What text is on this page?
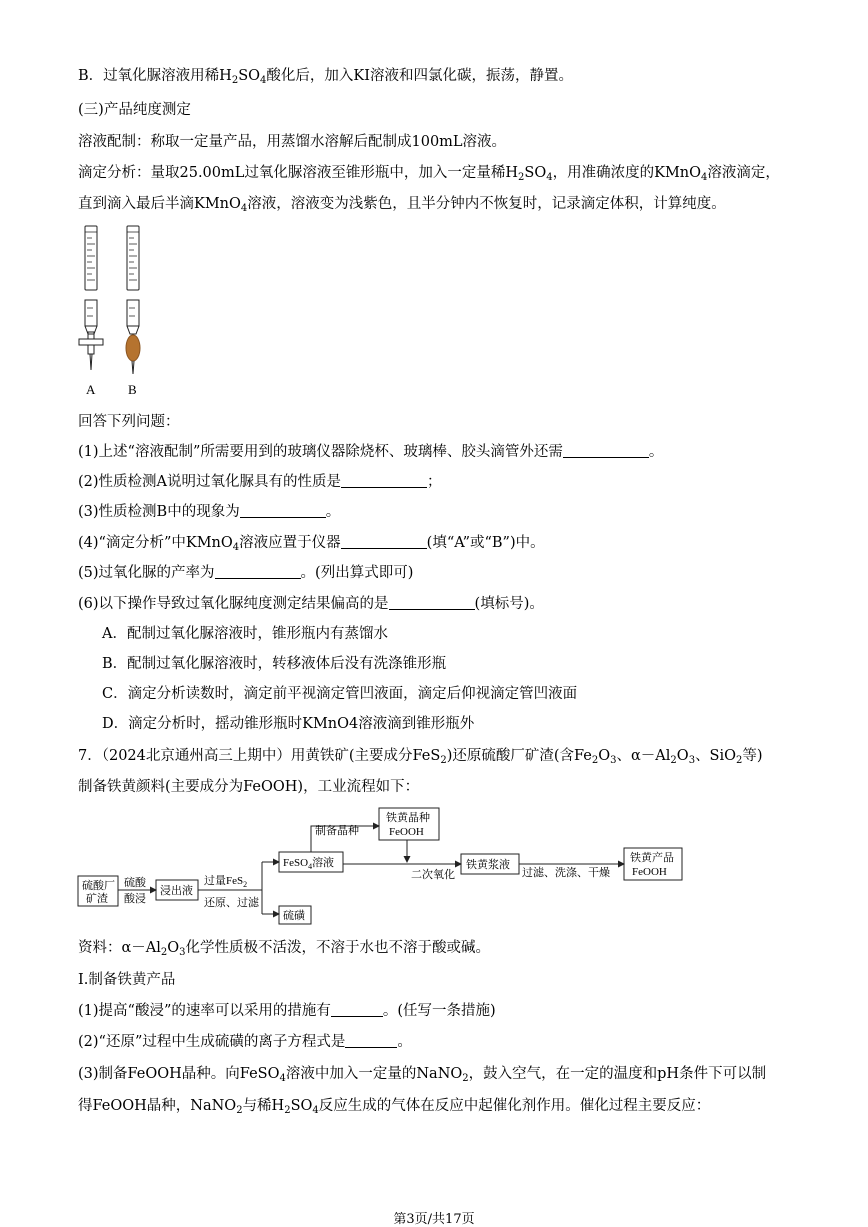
B．过氧化脲溶液用稀$H_2SO_4$酸化后，加入KI溶液和四氯化碳，振荡，静置。
(三)产品纯度测定
溶液配制：称取一定量产品，用蒸馏水溶解后配制成100mL溶液。
滴定分析：量取25.00mL过氧化脲溶液至锥形瓶中，加入一定量稀$H_2SO_4$，用准确浓度的KMnO$_4$溶液滴定，
直到滴入最后半滴KMnO$_4$溶液，溶液变为浅紫色，且半分钟内不恢复时，记录滴定体积，计算纯度。
A	B
回答下列问题：
(1)上述“溶液配制”所需要用到的玻璃仪器除烧杯、玻璃棒、胶头滴管外还需	。
(2)性质检测A说明过氧化脲具有的性质是	；
(3)性质检测B中的现象为	。
(4)“滴定分析”中KMnO$_4$溶液应置于仪器	(填“A”或“B”)中。
(5)过氧化脲的产率为	。(列出算式即可)
(6)以下操作导致过氧化脲纯度测定结果偏高的是	(填标号)。
A．配制过氧化脲溶液时，锥形瓶内有蒸馏水
B．配制过氧化脲溶液时，转移液体后没有洗涤锥形瓶
C．滴定分析读数时，滴定前平视滴定管凹液面，滴定后仰视滴定管凹液面
D．滴定分析时，摇动锥形瓶时KMnO4溶液滴到锥形瓶外
7．（2024北京通州高三上期中）用黄铁矿(主要成分FeS$_2$)还原硫酸厂矿渣(含$Fe_2O_3$、$\alpha-Al_2O_3$、SiO$_2$等)
制备铁黄颜料(主要成分为FeOOH)，工业流程如下：
硫酸厂
矿渣
硫酸
酸浸
浸出液
过量FeS$_2$
还原、过滤
FeSO$_4$溶液
制备晶种
铁黄晶种
FeOOH
二次氧化
铁黄浆液
过滤、洗涤、干燥
铁黄产品
FeOOH
硫磺
资料：$\alpha-Al_2O_3$化学性质极不活泼，不溶于水也不溶于酸或碱。
I.制备铁黄产品
(1)提高“酸浸”的速率可以采用的措施有	。(任写一条措施)
(2)“还原”过程中生成硫磺的离子方程式是	。
(3)制备FeOOH晶种。向FeSO$_4$溶液中加入一定量的NaNO$_2$，鼓入空气，在一定的温度和pH条件下可以制
得FeOOH晶种，NaNO$_2$与稀$H_2SO_4$反应生成的气体在反应中起催化剂作用。催化过程主要反应：
第3页/共17页
